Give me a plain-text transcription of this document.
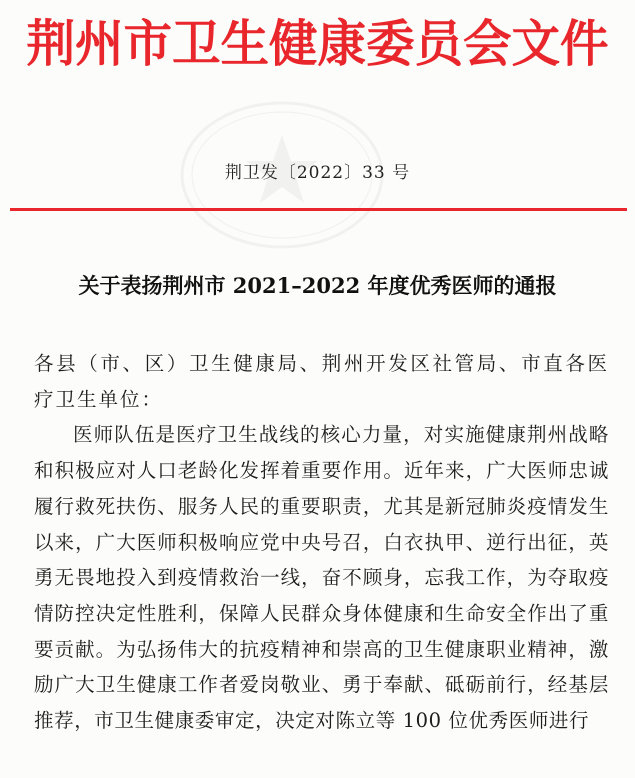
荆州市卫生健康委员会文件
荆卫发〔2022〕33 号
关于表扬荆州市 2021–2022 年度优秀医师的通报

各县（市、区）卫生健康局、荆州开发区社管局、市直各医疗卫生单位：

医师队伍是医疗卫生战线的核心力量，对实施健康荆州战略和积极应对人口老龄化发挥着重要作用。近年来，广大医师忠诚履行救死扶伤、服务人民的重要职责，尤其是新冠肺炎疫情发生以来，广大医师积极响应党中央号召，白衣执甲、逆行出征，英勇无畏地投入到疫情救治一线，奋不顾身，忘我工作，为夺取疫情防控决定性胜利，保障人民群众身体健康和生命安全作出了重要贡献。为弘扬伟大的抗疫精神和崇高的卫生健康职业精神，激励广大卫生健康工作者爱岗敬业、勇于奉献、砥砺前行，经基层推荐，市卫生健康委审定，决定对陈立等 100 位优秀医师进行
